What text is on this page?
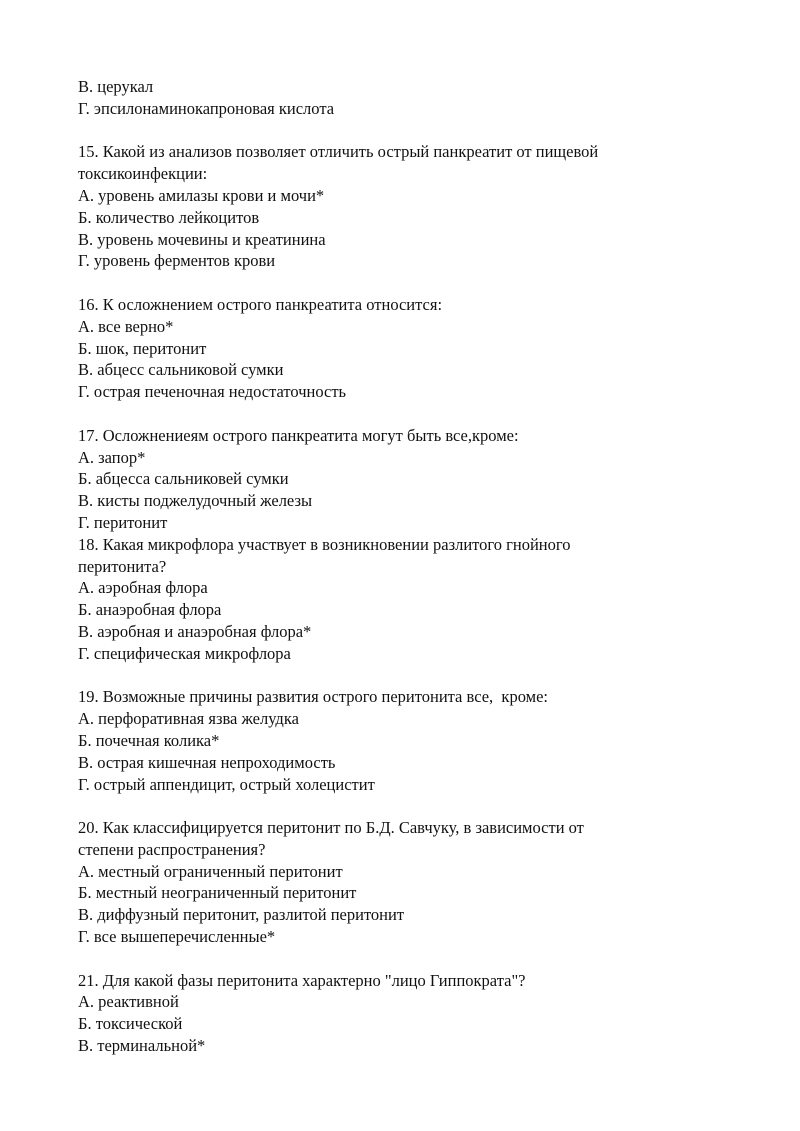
В. церукал

Г. эпсилонаминокапроновая кислота

15. Какой из анализов позволяет отличить острый панкреатит от пищевой

токсикоинфекции:

А. уровень амилазы крови и мочи*

Б. количество лейкоцитов

В. уровень мочевины и креатинина

Г. уровень ферментов крови

16. К осложнением острого панкреатита относится:

А. все верно*

Б. шок, перитонит

В. абцесс сальниковой сумки

Г. острая печеночная недостаточность

17. Осложнениеям острого панкреатита могут быть все,кроме:

А. запор*

Б. абцесса сальниковей сумки

В. кисты поджелудочный железы

Г. перитонит

18. Какая микрофлора участвует в возникновении разлитого гнойного

перитонита?

А. аэробная флора

Б. анаэробная флора

В. аэробная и анаэробная флора*

Г. специфическая микрофлора

19. Возможные причины развития острого перитонита все,  кроме:

А. перфоративная язва желудка

Б. почечная колика*

В. острая кишечная непроходимость

Г. острый аппендицит, острый холецистит

20. Как классифицируется перитонит по Б.Д. Савчуку, в зависимости от

степени распространения?

А. местный ограниченный перитонит

Б. местный неограниченный перитонит

В. диффузный перитонит, разлитой перитонит

Г. все вышеперечисленные*

21. Для какой фазы перитонита характерно "лицо Гиппократа"?

А. реактивной

Б. токсической

В. терминальной*
